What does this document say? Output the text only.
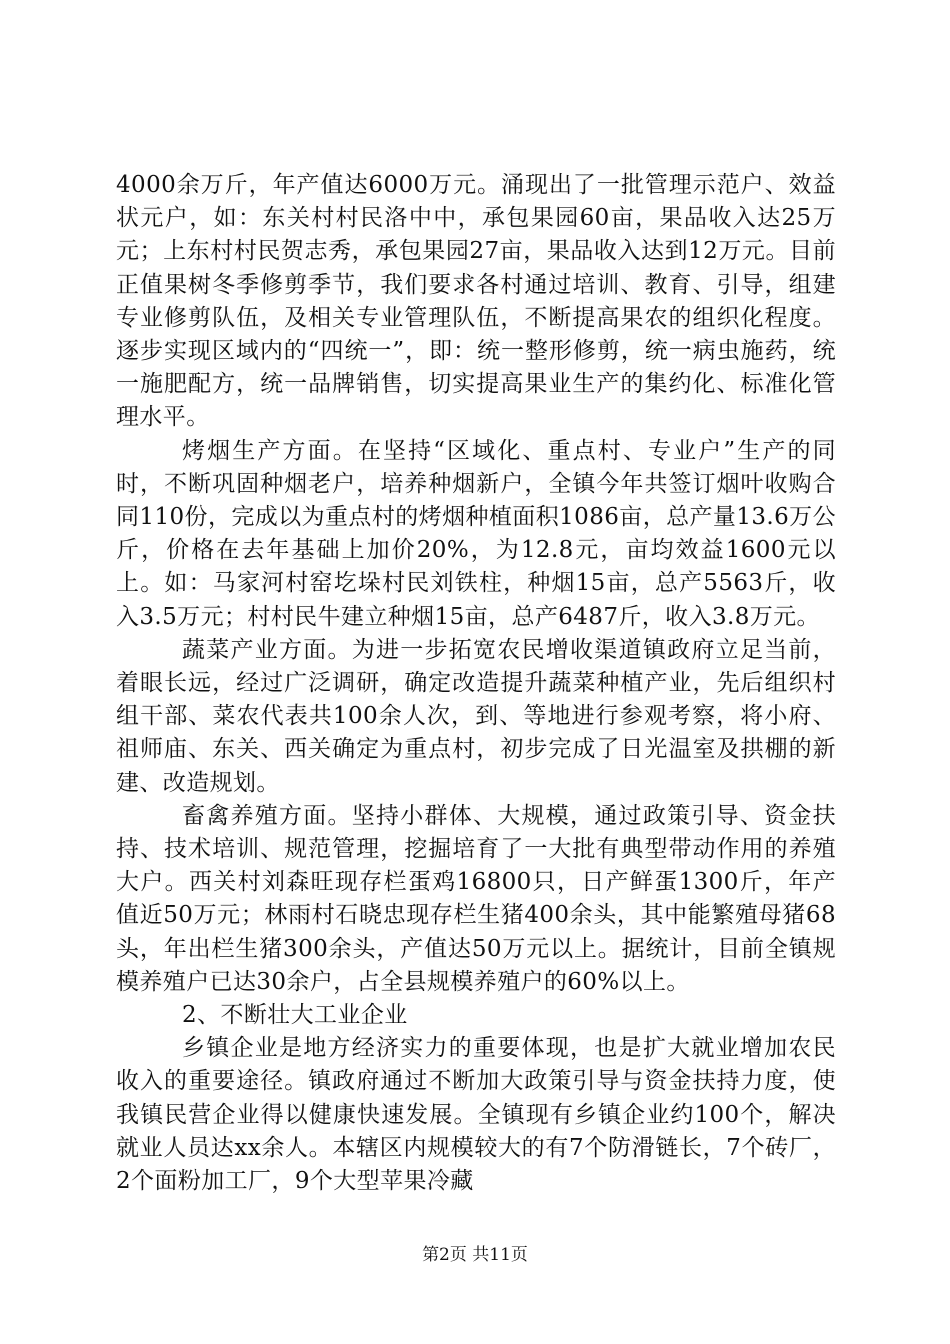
4000余万斤，年产值达6000万元。涌现出了一批管理示范户、效益状元户，如：东关村村民洛中中，承包果园60亩，果品收入达25万元；上东村村民贺志秀，承包果园27亩，果品收入达到12万元。目前正值果树冬季修剪季节，我们要求各村通过培训、教育、引导，组建专业修剪队伍，及相关专业管理队伍，不断提高果农的组织化程度。逐步实现区域内的“四统一”，即：统一整形修剪，统一病虫施药，统一施肥配方，统一品牌销售，切实提高果业生产的集约化、标准化管理水平。

烤烟生产方面。在坚持“区域化、重点村、专业户”生产的同时，不断巩固种烟老户，培养种烟新户，全镇今年共签订烟叶收购合同110份，完成以为重点村的烤烟种植面积1086亩，总产量13.6万公斤，价格在去年基础上加价20%，为12.8元，亩均效益1600元以上。如：马家河村窑圪垛村民刘铁柱，种烟15亩，总产5563斤，收入3.5万元；村村民牛建立种烟15亩，总产6487斤，收入3.8万元。

蔬菜产业方面。为进一步拓宽农民增收渠道镇政府立足当前，着眼长远，经过广泛调研，确定改造提升蔬菜种植产业，先后组织村组干部、菜农代表共100余人次，到、等地进行参观考察，将小府、祖师庙、东关、西关确定为重点村，初步完成了日光温室及拱棚的新建、改造规划。

畜禽养殖方面。坚持小群体、大规模，通过政策引导、资金扶持、技术培训、规范管理，挖掘培育了一大批有典型带动作用的养殖大户。西关村刘森旺现存栏蛋鸡16800只，日产鲜蛋1300斤，年产值近50万元；林雨村石晓忠现存栏生猪400余头，其中能繁殖母猪68头，年出栏生猪300余头，产值达50万元以上。据统计，目前全镇规模养殖户已达30余户，占全县规模养殖户的60%以上。

2、不断壮大工业企业

乡镇企业是地方经济实力的重要体现，也是扩大就业增加农民收入的重要途径。镇政府通过不断加大政策引导与资金扶持力度，使我镇民营企业得以健康快速发展。全镇现有乡镇企业约100个，解决就业人员达xx余人。本辖区内规模较大的有7个防滑链长，7个砖厂，2个面粉加工厂，9个大型苹果冷藏

第2页 共11页
